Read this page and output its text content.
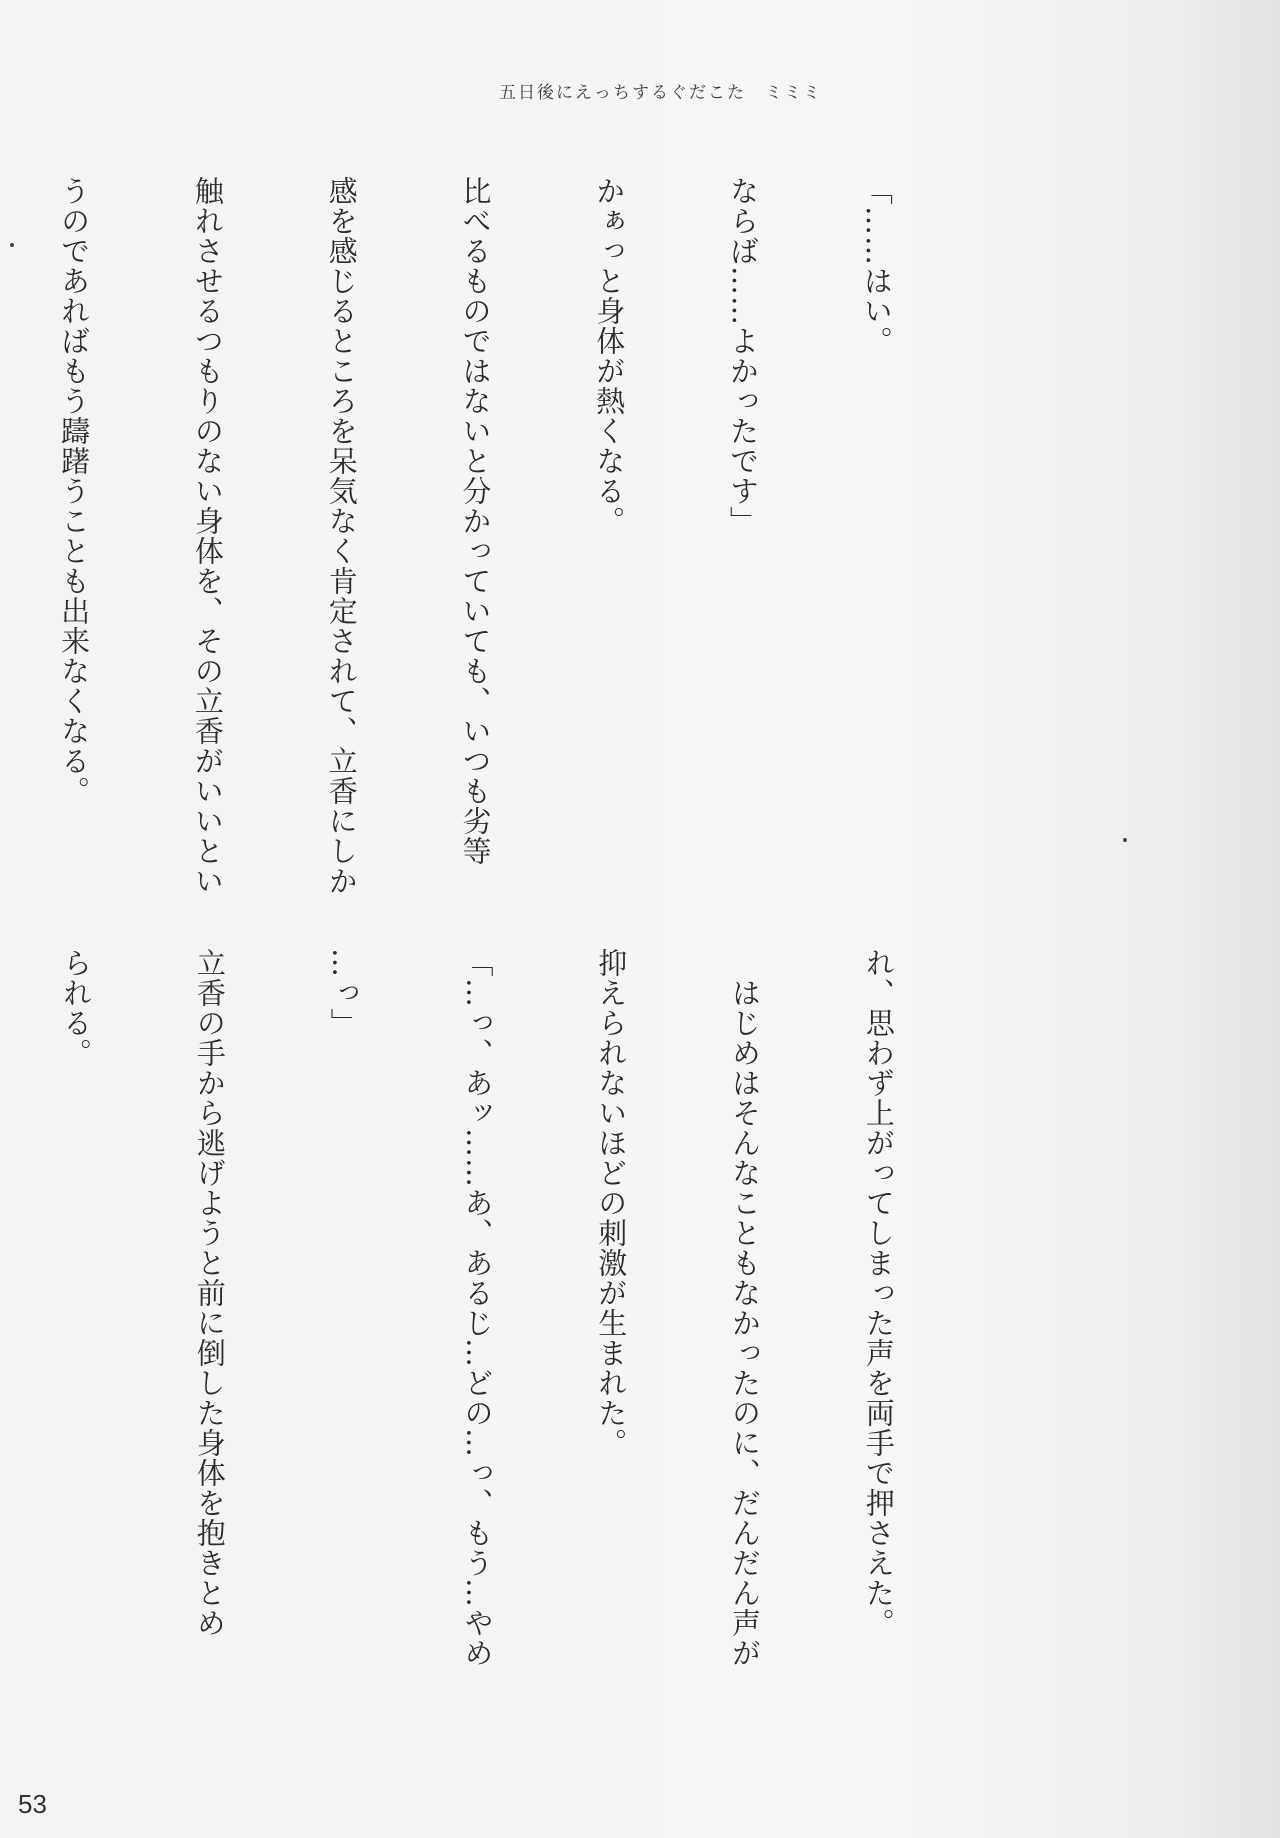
五日後にえっちするぐだこた　ミミミ

「……はい。

ならば……よかったです」

かぁっと身体が熱くなる。

比べるものではないと分かっていても、いつも劣等

感を感じるところを呆気なく肯定されて、立香にしか

触れさせるつもりのない身体を、その立香がいいとい

うのであればもう躊躇うことも出来なくなる。

れ、思わず上がってしまった声を両手で押さえた。

　はじめはそんなこともなかったのに、だんだん声が

抑えられないほどの刺激が生まれた。

「…っ、あッ……あ、あるじ…どの…っ、もう…やめ

…っ」

立香の手から逃げようと前に倒した身体を抱きとめ

られる。

53
